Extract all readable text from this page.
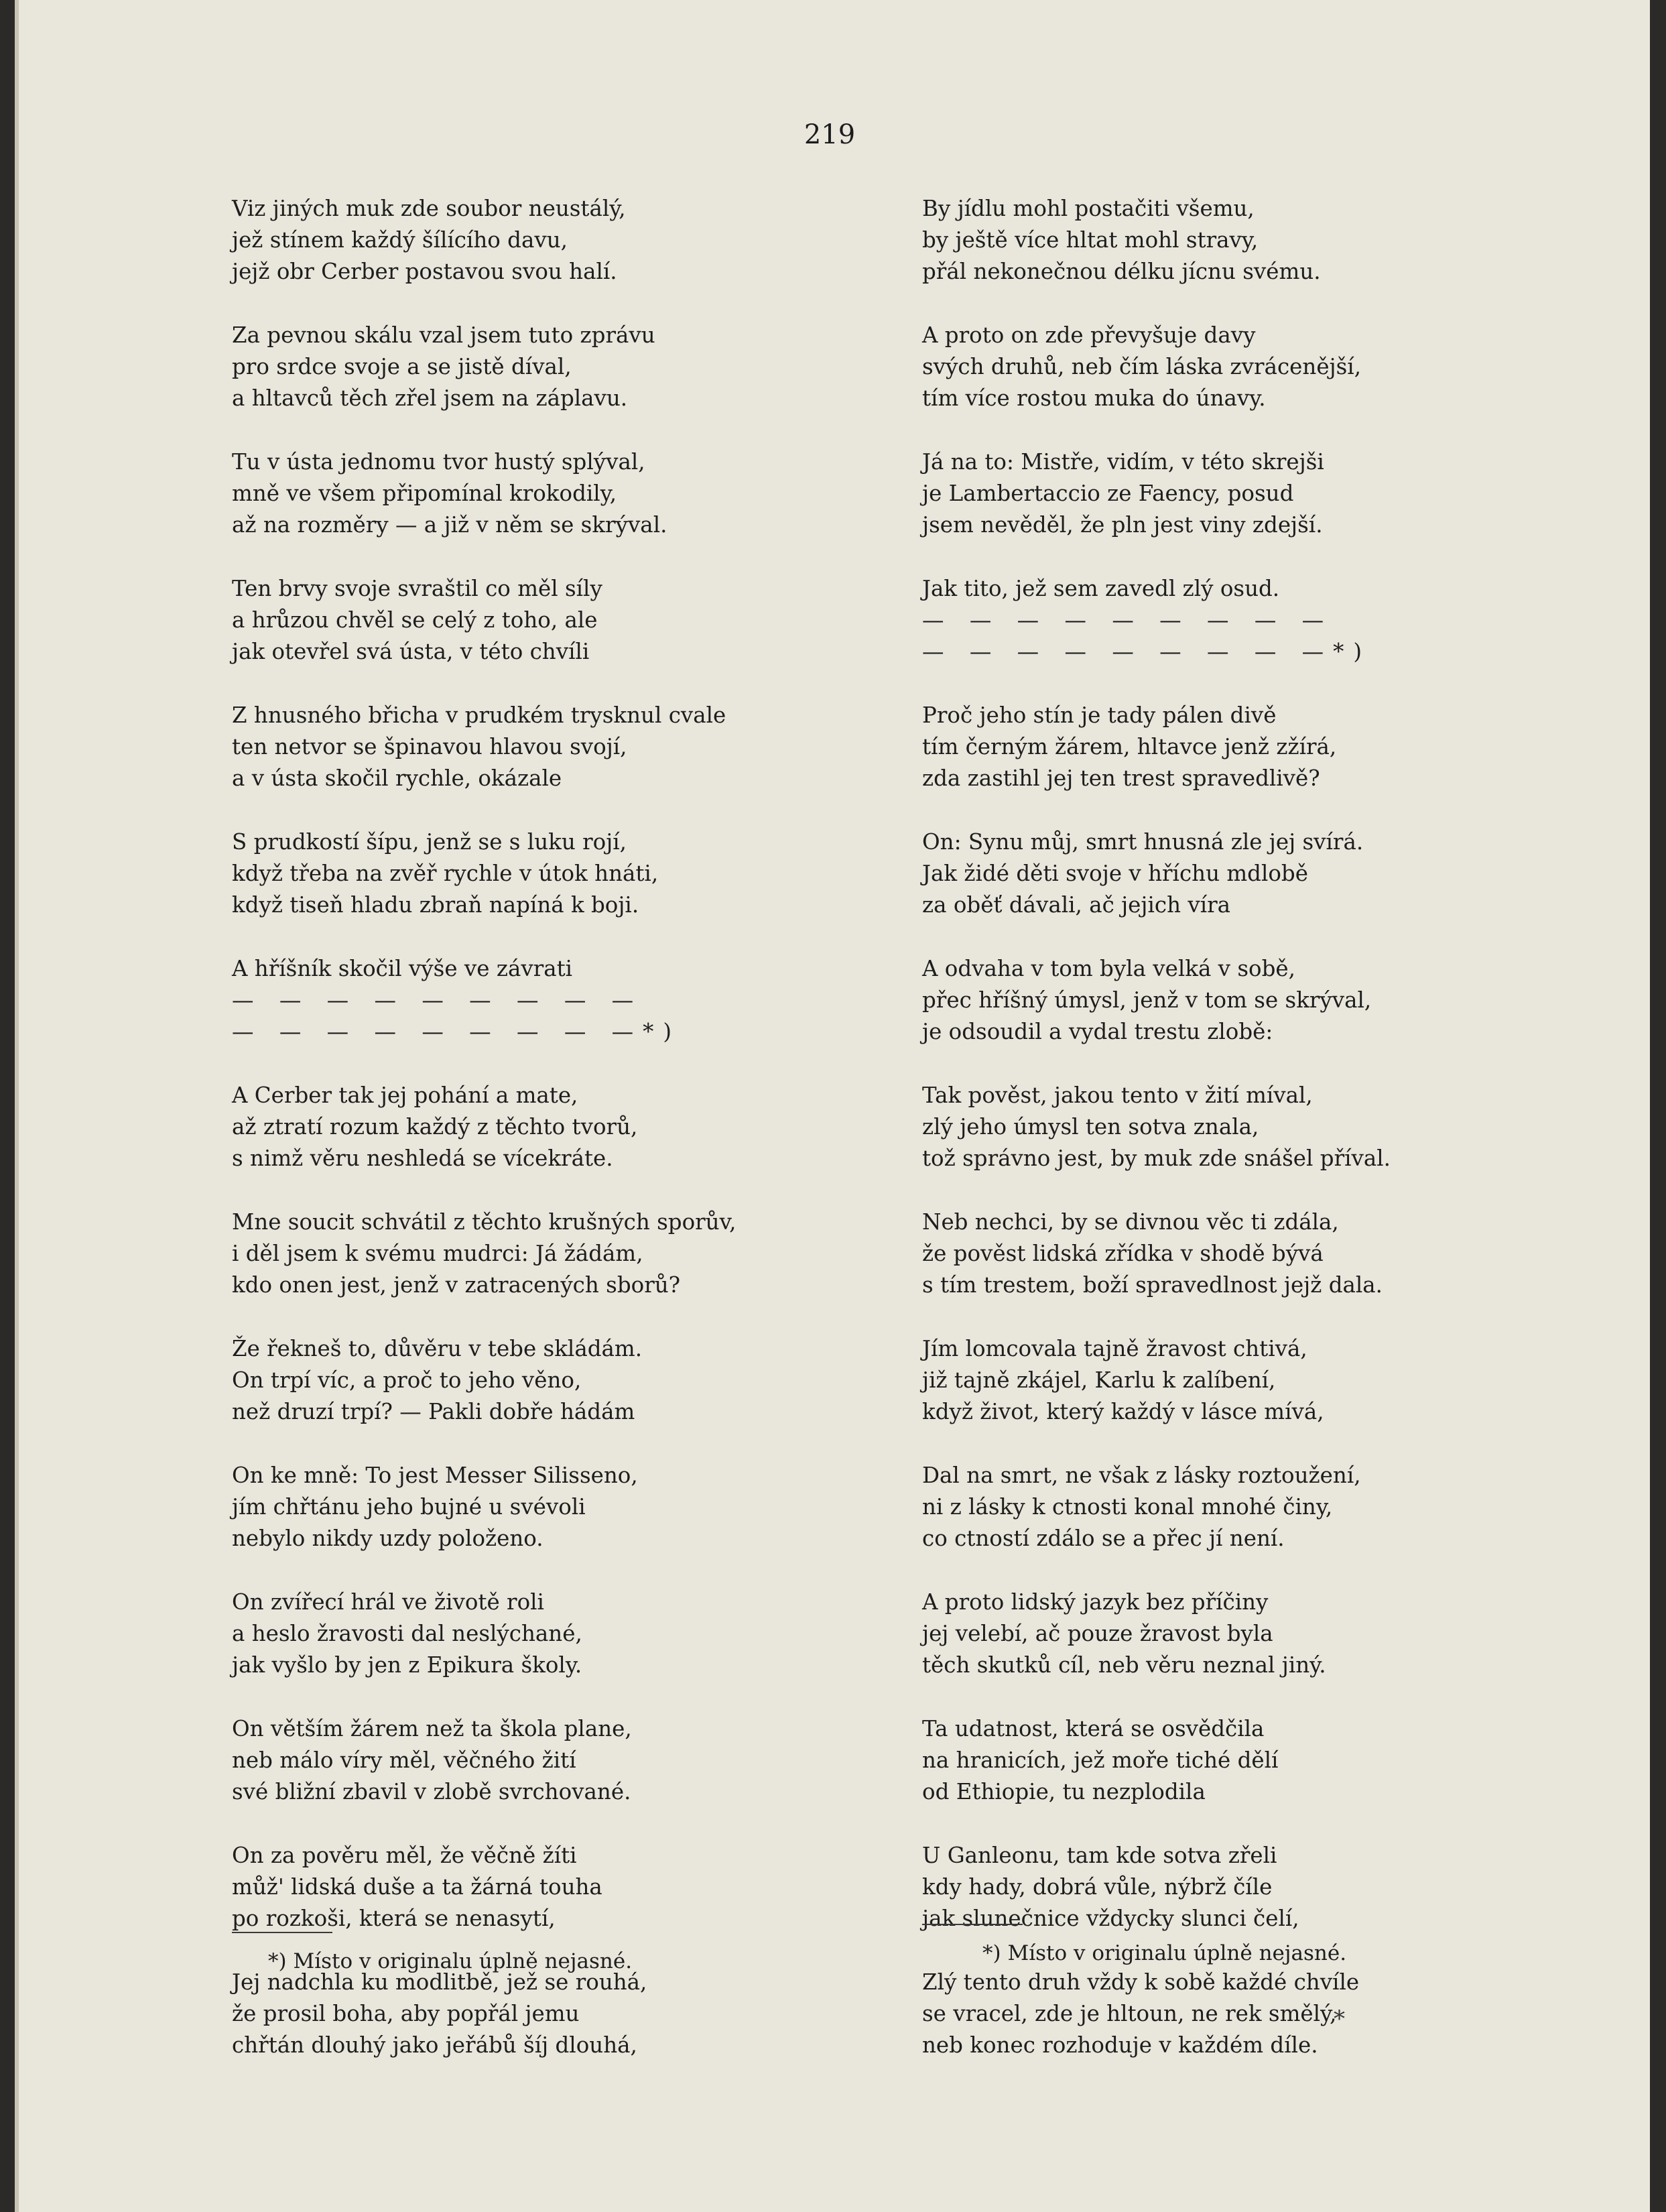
219
Viz jiných muk zde soubor neustálý,
jež stínem každý šílícího davu,
jejž obr Cerber postavou svou halí.
Za pevnou skálu vzal jsem tuto zprávu
pro srdce svoje a se jistě díval,
a hltavců těch zřel jsem na záplavu.
Tu v ústa jednomu tvor hustý splýval,
mně ve všem připomínal krokodily,
až na rozměry — a již v něm se skrýval.
Ten brvy svoje svraštil co měl síly
a hrůzou chvěl se celý z toho, ale
jak otevřel svá ústa, v této chvíli
Z hnusného břicha v prudkém trysknul cvale
ten netvor se špinavou hlavou svojí,
a v ústa skočil rychle, okázale
S prudkostí šípu, jenž se s luku rojí,
když třeba na zvěř rychle v útok hnáti,
když tiseň hladu zbraň napíná k boji.
A hříšník skočil výše ve závrati
— — — — — — — — —
— — — — — — — — —*)
A Cerber tak jej pohání a mate,
až ztratí rozum každý z těchto tvorů,
s nimž věru neshledá se vícekráte.
Mne soucit schvátil z těchto krušných sporův,
i děl jsem k svému mudrci: Já žádám,
kdo onen jest, jenž v zatracených sborů?
Že řekneš to, důvěru v tebe skládám.
On trpí víc, a proč to jeho věno,
než druzí trpí? — Pakli dobře hádám
On ke mně: To jest Messer Silisseno,
jím chřtánu jeho bujné u svévoli
nebylo nikdy uzdy položeno.
On zvířecí hrál ve životě roli
a heslo žravosti dal neslýchané,
jak vyšlo by jen z Epikura školy.
On větším žárem než ta škola plane,
neb málo víry měl, věčného žití
své bližní zbavil v zlobě svrchované.
On za pověru měl, že věčně žíti
můž' lidská duše a ta žárná touha
po rozkoši, která se nenasytí,
Jej nadchla ku modlitbě, jež se rouhá,
že prosil boha, aby popřál jemu
chřtán dlouhý jako jeřábů šíj dlouhá,
By jídlu mohl postačiti všemu,
by ještě více hltat mohl stravy,
přál nekonečnou délku jícnu svému.
A proto on zde převyšuje davy
svých druhů, neb čím láska zvrácenější,
tím více rostou muka do únavy.
Já na to: Mistře, vidím, v této skrejši
je Lambertaccio ze Faency, posud
jsem nevěděl, že pln jest viny zdejší.
Jak tito, jež sem zavedl zlý osud.
— — — — — — — — —
— — — — — — — — —*)
Proč jeho stín je tady pálen divě
tím černým žárem, hltavce jenž zžírá,
zda zastihl jej ten trest spravedlivě?
On: Synu můj, smrt hnusná zle jej svírá.
Jak židé děti svoje v hříchu mdlobě
za oběť dávali, ač jejich víra
A odvaha v tom byla velká v sobě,
přec hříšný úmysl, jenž v tom se skrýval,
je odsoudil a vydal trestu zlobě:
Tak pověst, jakou tento v žití míval,
zlý jeho úmysl ten sotva znala,
tož správno jest, by muk zde snášel příval.
Neb nechci, by se divnou věc ti zdála,
že pověst lidská zřídka v shodě bývá
s tím trestem, boží spravedlnost jejž dala.
Jím lomcovala tajně žravost chtivá,
již tajně zkájel, Karlu k zalíbení,
když život, který každý v lásce mívá,
Dal na smrt, ne však z lásky roztoužení,
ni z lásky k ctnosti konal mnohé činy,
co ctností zdálo se a přec jí není.
A proto lidský jazyk bez příčiny
jej velebí, ač pouze žravost byla
těch skutků cíl, neb věru neznal jiný.
Ta udatnost, která se osvědčila
na hranicích, jež moře tiché dělí
od Ethiopie, tu nezplodila
U Ganleonu, tam kde sotva zřeli
kdy hady, dobrá vůle, nýbrž číle
jak slunečnice vždycky slunci čelí,
Zlý tento druh vždy k sobě každé chvíle
se vracel, zde je hltoun, ne rek smělý,
neb konec rozhoduje v každém díle.
*) Místo v originalu úplně nejasné.	*) Místo v originalu úplně nejasné.
*
